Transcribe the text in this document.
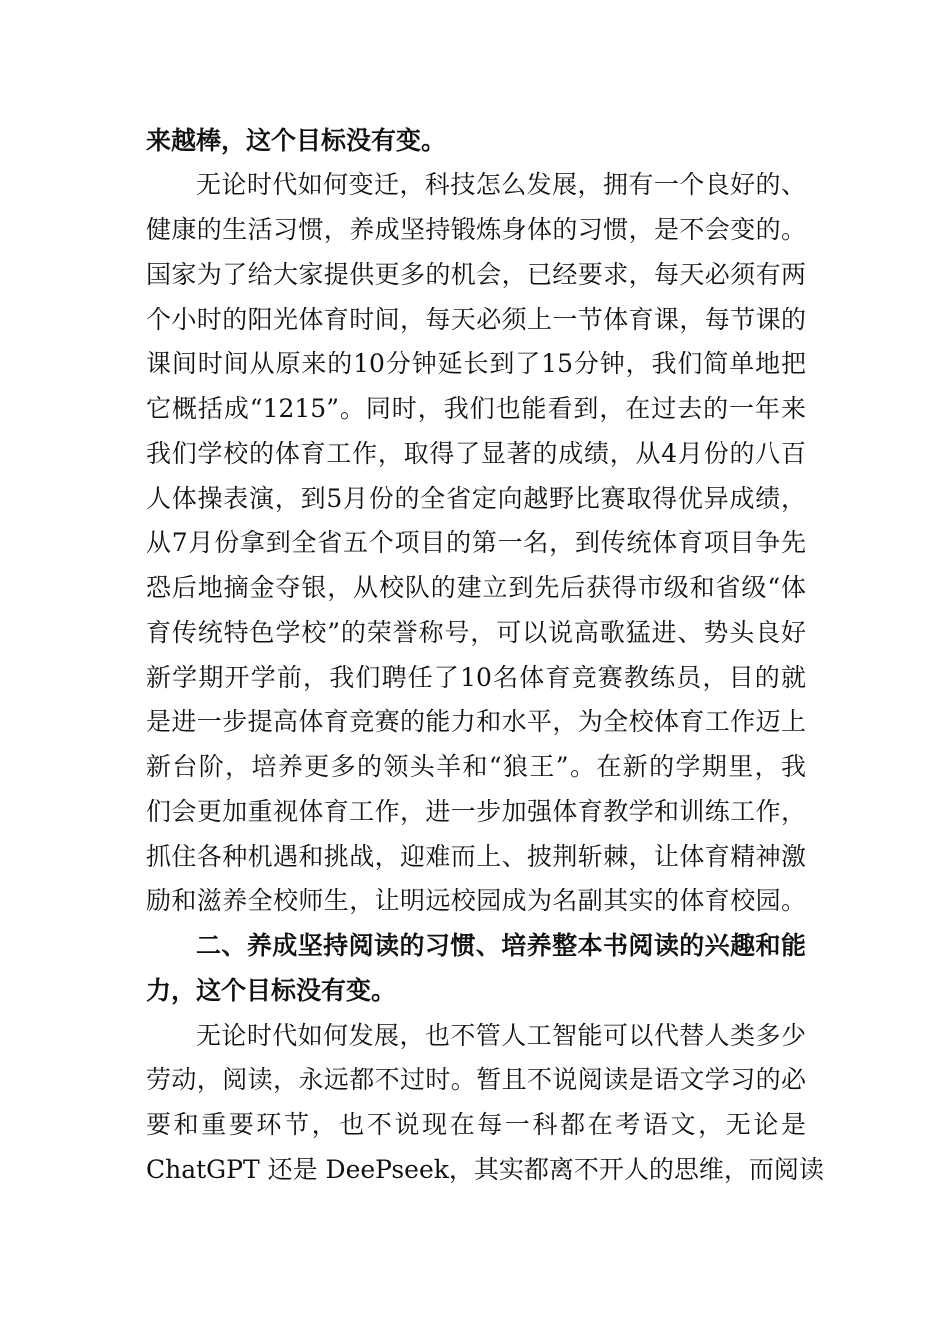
来越棒，这个目标没有变。
无论时代如何变迁，科技怎么发展，拥有一个良好的、
健康的生活习惯，养成坚持锻炼身体的习惯，是不会变的。
国家为了给大家提供更多的机会，已经要求，每天必须有两
个小时的阳光体育时间，每天必须上一节体育课，每节课的
课间时间从原来的10分钟延长到了15分钟，我们简单地把
它概括成“1215”。同时，我们也能看到，在过去的一年来
我们学校的体育工作，取得了显著的成绩，从4月份的八百
人体操表演，到5月份的全省定向越野比赛取得优异成绩，
从7月份拿到全省五个项目的第一名，到传统体育项目争先
恐后地摘金夺银，从校队的建立到先后获得市级和省级“体
育传统特色学校”的荣誉称号，可以说高歌猛进、势头良好
新学期开学前，我们聘任了10名体育竞赛教练员，目的就
是进一步提高体育竞赛的能力和水平，为全校体育工作迈上
新台阶，培养更多的领头羊和“狼王”。在新的学期里，我
们会更加重视体育工作，进一步加强体育教学和训练工作，
抓住各种机遇和挑战，迎难而上、披荆斩棘，让体育精神激
励和滋养全校师生，让明远校园成为名副其实的体育校园。
二、养成坚持阅读的习惯、培养整本书阅读的兴趣和能
力，这个目标没有变。
无论时代如何发展，也不管人工智能可以代替人类多少
劳动，阅读，永远都不过时。暂且不说阅读是语文学习的必
要和重要环节，也不说现在每一科都在考语文，无论是
ChatGPT 还是 DeePseek，其实都离不开人的思维，而阅读
